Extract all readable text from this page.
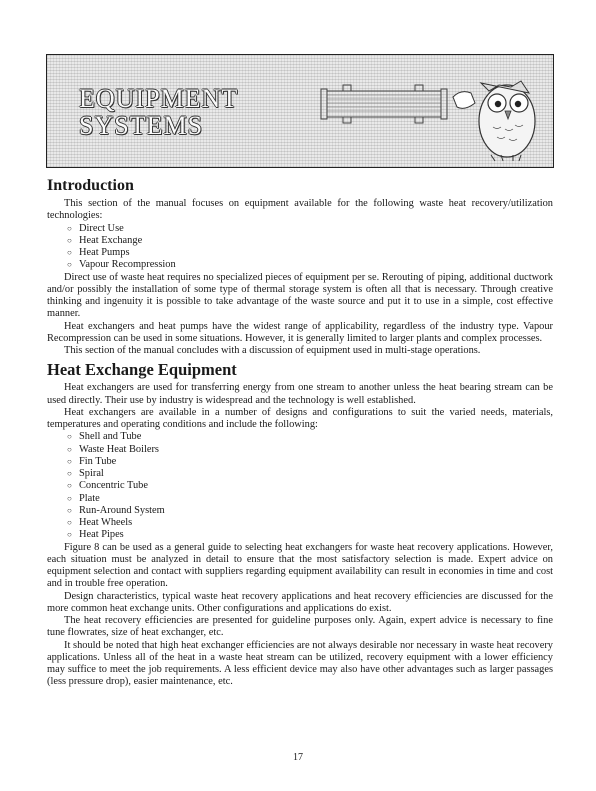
EQUIPMENT
SYSTEMS
Introduction

This section of the manual focuses on equipment available for the following waste heat recovery/utilization technologies:

○ Direct Use
○ Heat Exchange
○ Heat Pumps
○ Vapour Recompression

Direct use of waste heat requires no specialized pieces of equipment per se. Rerouting of piping, additional ductwork and/or possibly the installation of some type of thermal storage system is often all that is necessary. Through creative thinking and ingenuity it is possible to take advantage of the waste source and put it to use in a simple, cost effective manner.

Heat exchangers and heat pumps have the widest range of applicability, regardless of the industry type. Vapour Recompression can be used in some situations. However, it is generally limited to larger plants and complex processes.

This section of the manual concludes with a discussion of equipment used in multi-stage operations.

Heat Exchange Equipment

Heat exchangers are used for transferring energy from one stream to another unless the heat bearing stream can be used directly. Their use by industry is widespread and the technology is well established.

Heat exchangers are available in a number of designs and configurations to suit the varied needs, materials, temperatures and operating conditions and include the following:

○ Shell and Tube
○ Waste Heat Boilers
○ Fin Tube
○ Spiral
○ Concentric Tube
○ Plate
○ Run-Around System
○ Heat Wheels
○ Heat Pipes

Figure 8 can be used as a general guide to selecting heat exchangers for waste heat recovery applications. However, each situation must be analyzed in detail to ensure that the most satisfactory selection is made. Expert advice on equipment selection and contact with suppliers regarding equipment availability can result in economies in time and cost and in trouble free operation.

Design characteristics, typical waste heat recovery applications and heat recovery efficiencies are discussed for the more common heat exchange units. Other configurations and applications do exist.

The heat recovery efficiencies are presented for guideline purposes only. Again, expert advice is necessary to fine tune flowrates, size of heat exchanger, etc.

It should be noted that high heat exchanger efficiencies are not always desirable nor necessary in waste heat recovery applications. Unless all of the heat in a waste heat stream can be utilized, recovery equipment with a lower efficiency may suffice to meet the job requirements. A less efficient device may also have other advantages such as larger passages (less pressure drop), easier maintenance, etc.

17
